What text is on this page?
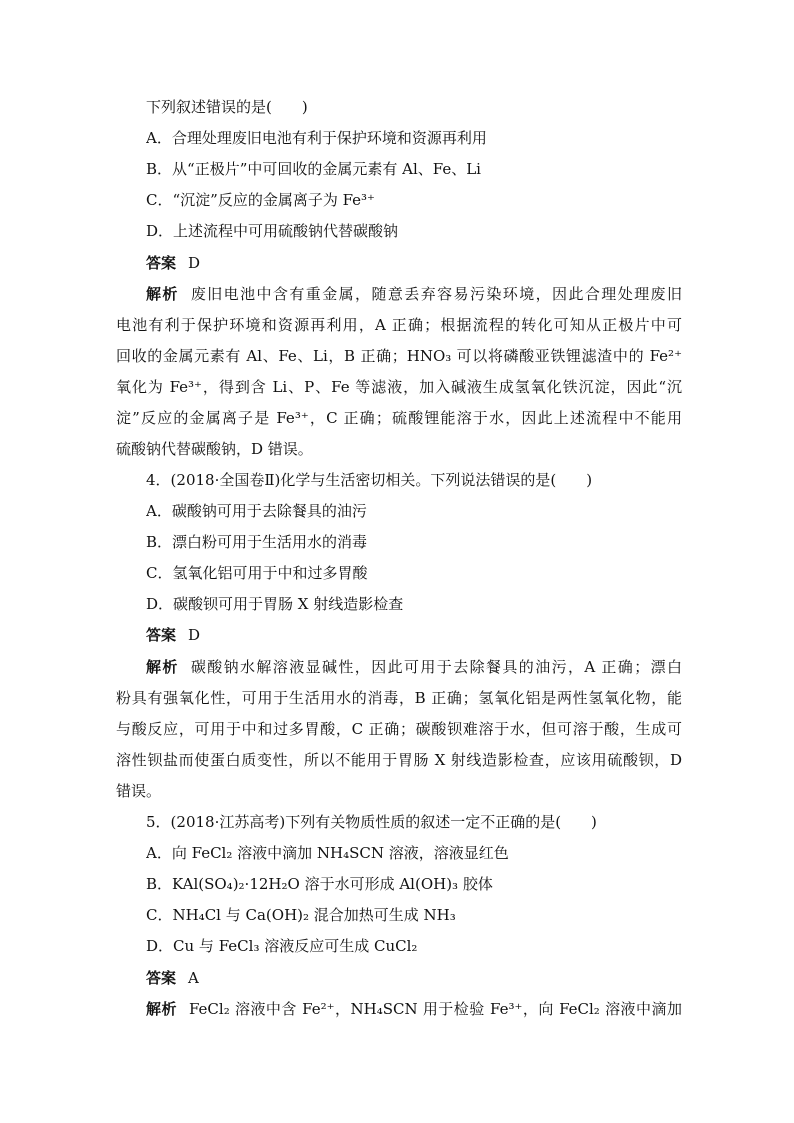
下列叙述错误的是(　　)
A．合理处理废旧电池有利于保护环境和资源再利用
B．从“正极片”中可回收的金属元素有 Al、Fe、Li
C．“沉淀”反应的金属离子为 Fe³⁺
D．上述流程中可用硫酸钠代替碳酸钠
答案 D
解析 废旧电池中含有重金属，随意丢弃容易污染环境，因此合理处理废旧
电池有利于保护环境和资源再利用，A 正确；根据流程的转化可知从正极片中可
回收的金属元素有 Al、Fe、Li，B 正确；HNO₃ 可以将磷酸亚铁锂滤渣中的 Fe²⁺
氧化为 Fe³⁺，得到含 Li、P、Fe 等滤液，加入碱液生成氢氧化铁沉淀，因此“沉
淀”反应的金属离子是 Fe³⁺，C 正确；硫酸锂能溶于水，因此上述流程中不能用
硫酸钠代替碳酸钠，D 错误。
4．(2018·全国卷Ⅱ)化学与生活密切相关。下列说法错误的是(　　)
A．碳酸钠可用于去除餐具的油污
B．漂白粉可用于生活用水的消毒
C．氢氧化铝可用于中和过多胃酸
D．碳酸钡可用于胃肠 X 射线造影检查
答案 D
解析 碳酸钠水解溶液显碱性，因此可用于去除餐具的油污，A 正确；漂白
粉具有强氧化性，可用于生活用水的消毒，B 正确；氢氧化铝是两性氢氧化物，能
与酸反应，可用于中和过多胃酸，C 正确；碳酸钡难溶于水，但可溶于酸，生成可
溶性钡盐而使蛋白质变性，所以不能用于胃肠 X 射线造影检查，应该用硫酸钡，D
错误。
5．(2018·江苏高考)下列有关物质性质的叙述一定不正确的是(　　)
A．向 FeCl₂ 溶液中滴加 NH₄SCN 溶液，溶液显红色
B．KAl(SO₄)₂·12H₂O 溶于水可形成 Al(OH)₃ 胶体
C．NH₄Cl 与 Ca(OH)₂ 混合加热可生成 NH₃
D．Cu 与 FeCl₃ 溶液反应可生成 CuCl₂
答案 A
解析 FeCl₂ 溶液中含 Fe²⁺，NH₄SCN 用于检验 Fe³⁺，向 FeCl₂ 溶液中滴加
